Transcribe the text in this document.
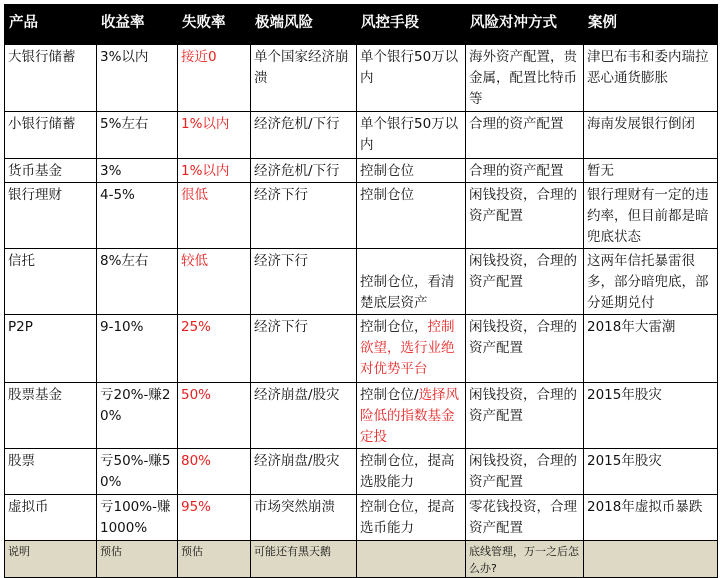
产品	收益率	失败率	极端风险	风控手段	风险对冲方式	案例
大银行储蓄	3%以内	接近0	单个国家经济崩溃	单个银行50万以内	海外资产配置，贵金属，配置比特币等	津巴布韦和委内瑞拉恶心通货膨胀
小银行储蓄	5%左右	1%以内	经济危机/下行	单个银行50万以内	合理的资产配置	海南发展银行倒闭
货币基金	3%	1%以内	经济危机/下行	控制仓位	合理的资产配置	暂无
银行理财	4-5%	很低	经济下行	控制仓位	闲钱投资，合理的资产配置	银行理财有一定的违约率，但目前都是暗兜底状态
信托	8%左右	较低	经济下行	控制仓位，看清楚底层资产	闲钱投资，合理的资产配置	这两年信托暴雷很多，部分暗兜底，部分延期兑付
P2P	9-10%	25%	经济下行	控制仓位，控制欲望，选行业绝对优势平台	闲钱投资，合理的资产配置	2018年大雷潮
股票基金	亏20%-赚20%	50%	经济崩盘/股灾	控制仓位/选择风险低的指数基金定投	闲钱投资，合理的资产配置	2015年股灾
股票	亏50%-赚50%	80%	经济崩盘/股灾	控制仓位，提高选股能力	闲钱投资，合理的资产配置	2015年股灾
虚拟币	亏100%-赚1000%	95%	市场突然崩溃	控制仓位，提高选币能力	零花钱投资，合理资产配置	2018年虚拟币暴跌
说明	预估	预估	可能还有黑天鹅		底线管理，万一之后怎么办?	
